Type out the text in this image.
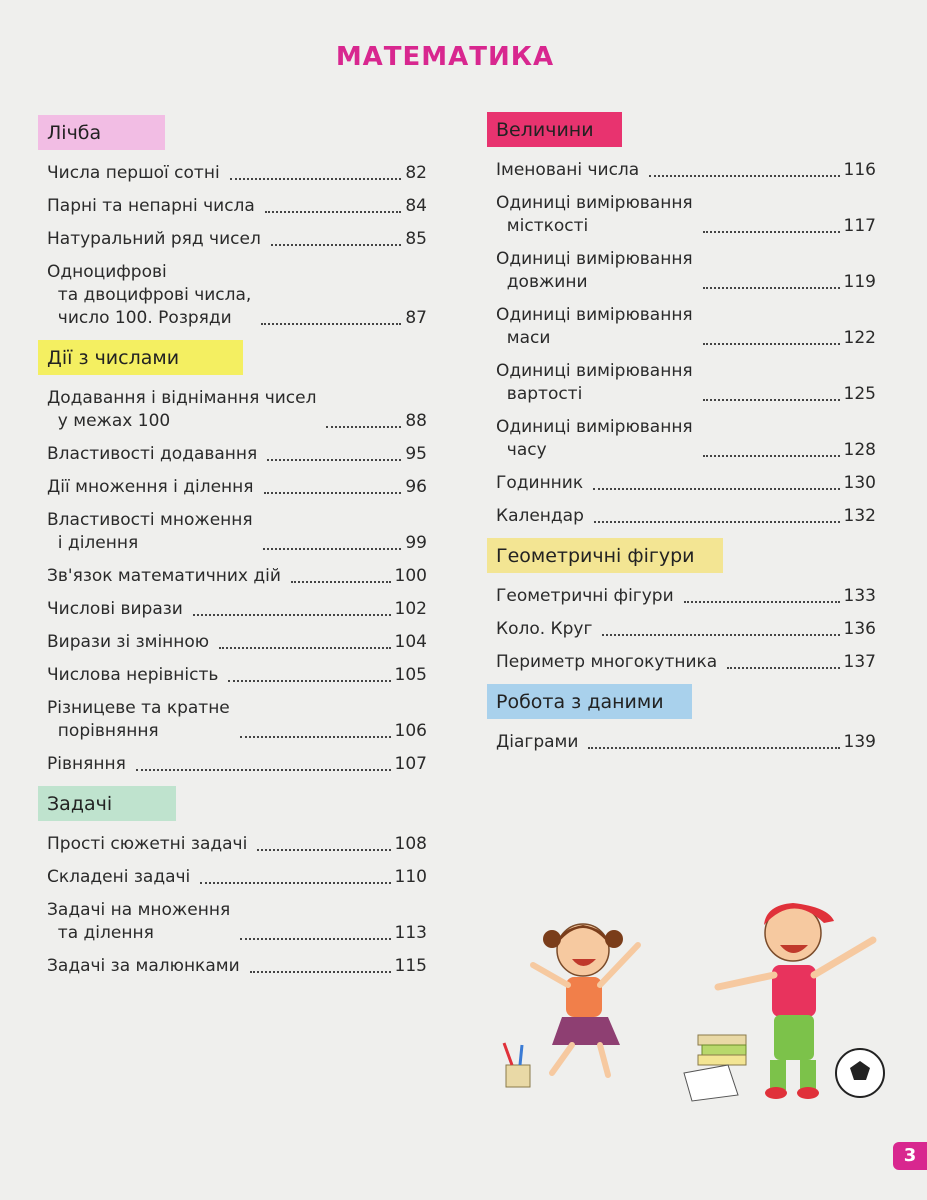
МАТЕМАТИКА
Лічба
Числа першої сотні	82
Парні та непарні числа	84
Натуральний ряд чисел	85
Одноцифрові
та двоцифрові числа,
число 100. Розряди	87
Дії з числами
Додавання і віднімання чисел
у межах 100	88
Властивості додавання	95
Дії множення і ділення	96
Властивості множення
і ділення	99
Зв'язок математичних дій	100
Числові вирази	102
Вирази зі змінною	104
Числова нерівність	105
Різницеве та кратне
порівняння	106
Рівняння	107
Задачі
Прості сюжетні задачі	108
Складені задачі	110
Задачі на множення
та ділення	113
Задачі за малюнками	115
Величини
Іменовані числа	116
Одиниці вимірювання
місткості	117
Одиниці вимірювання
довжини	119
Одиниці вимірювання
маси	122
Одиниці вимірювання
вартості	125
Одиниці вимірювання
часу	128
Годинник	130
Календар	132
Геометричні фігури
Геометричні фігури	133
Коло. Круг	136
Периметр многокутника	137
Робота з даними
Діаграми	139
3
